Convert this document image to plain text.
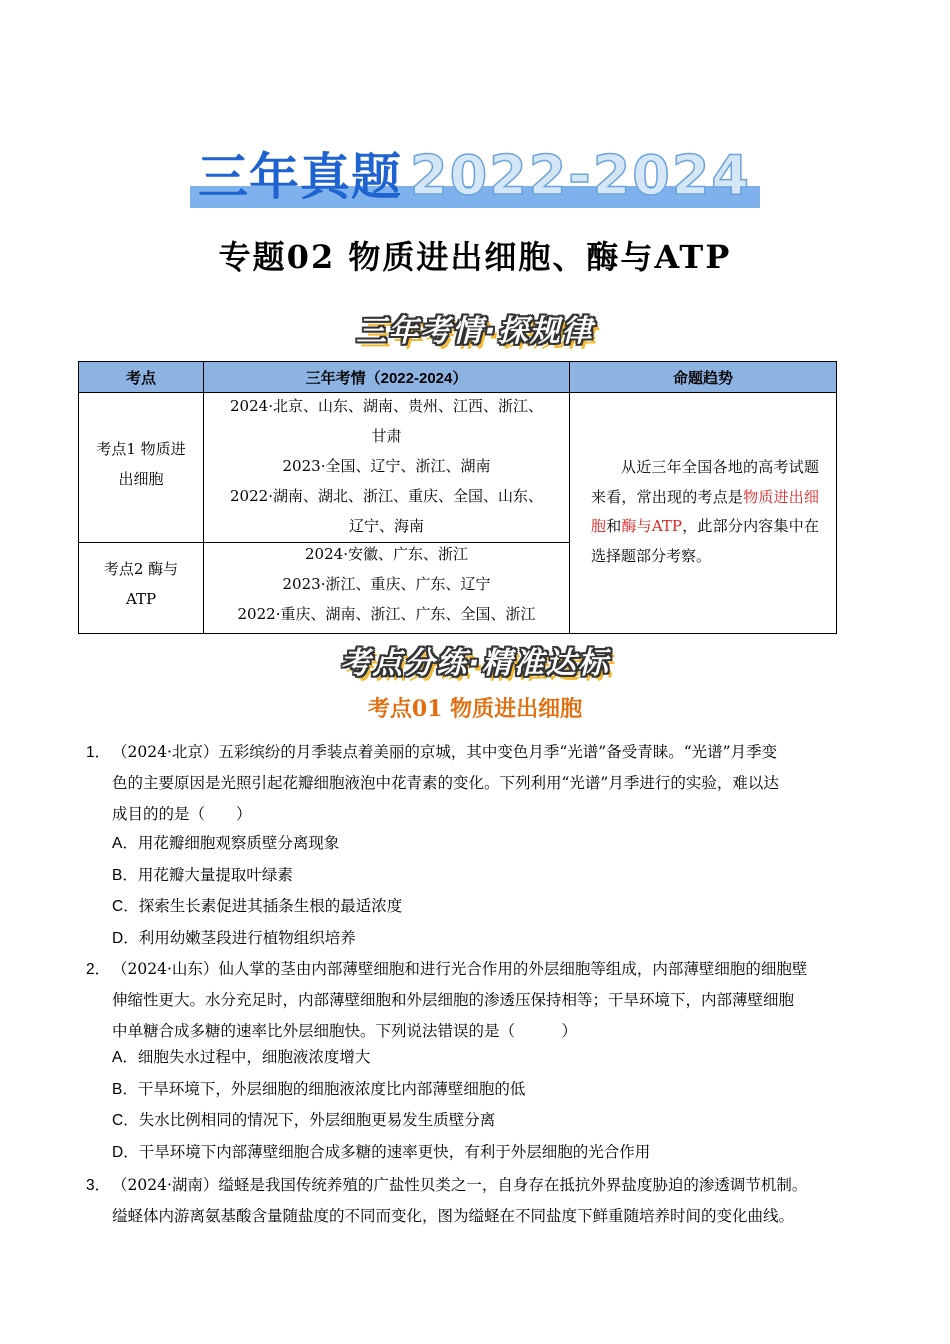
三年真题 2022-2024
专题02 物质进出细胞、酶与ATP
三年考情·探规律
考点	三年考情（2022-2024）	命题趋势
考点1 物质进
出细胞
2024·北京、山东、湖南、贵州、江西、浙江、
甘肃
2023·全国、辽宁、浙江、湖南
2022·湖南、湖北、浙江、重庆、全国、山东、
辽宁、海南
考点2 酶与
ATP
2024·安徽、广东、浙江
2023·浙江、重庆、广东、辽宁
2022·重庆、湖南、浙江、广东、全国、浙江
从近三年全国各地的高考试题来看，常出现的考点是物质进出细胞和酶与ATP，此部分内容集中在选择题部分考察。
考点分练·精准达标
考点01 物质进出细胞
1． （2024·北京）五彩缤纷的月季装点着美丽的京城，其中变色月季“光谱”备受青睐。“光谱”月季变
色的主要原因是光照引起花瓣细胞液泡中花青素的变化。下列利用“光谱”月季进行的实验，难以达
成目的的是（　　）
A．用花瓣细胞观察质壁分离现象
B．用花瓣大量提取叶绿素
C．探索生长素促进其插条生根的最适浓度
D．利用幼嫩茎段进行植物组织培养
2． （2024·山东）仙人掌的茎由内部薄壁细胞和进行光合作用的外层细胞等组成，内部薄壁细胞的细胞壁
伸缩性更大。水分充足时，内部薄壁细胞和外层细胞的渗透压保持相等；干旱环境下，内部薄壁细胞
中单糖合成多糖的速率比外层细胞快。下列说法错误的是（　　　）
A．细胞失水过程中，细胞液浓度增大
B．干旱环境下，外层细胞的细胞液浓度比内部薄壁细胞的低
C．失水比例相同的情况下，外层细胞更易发生质壁分离
D．干旱环境下内部薄壁细胞合成多糖的速率更快，有利于外层细胞的光合作用
3． （2024·湖南）缢蛏是我国传统养殖的广盐性贝类之一，自身存在抵抗外界盐度胁迫的渗透调节机制。
缢蛏体内游离氨基酸含量随盐度的不同而变化，图为缢蛏在不同盐度下鲜重随培养时间的变化曲线。
